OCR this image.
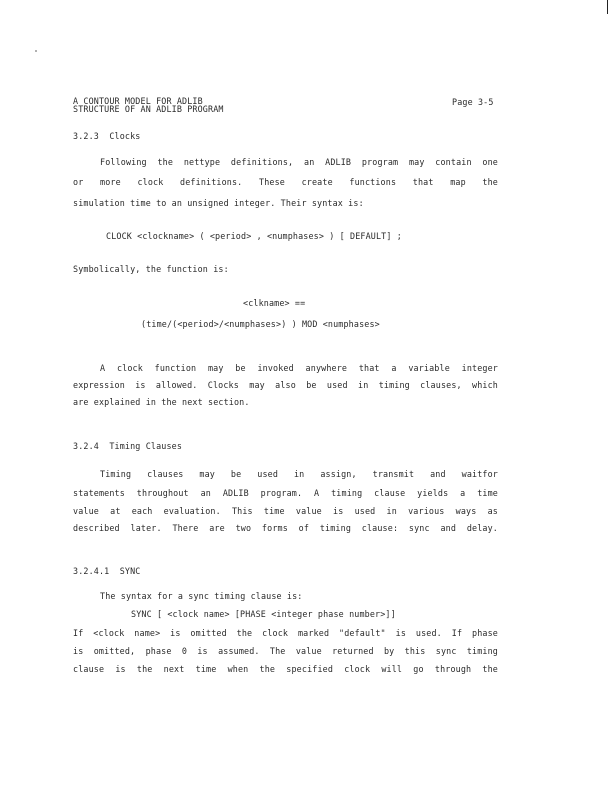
A CONTOUR MODEL FOR ADLIB
STRUCTURE OF AN ADLIB PROGRAM
Page 3-5
3.2.3  Clocks
Following the nettype definitions, an ADLIB program may contain one
or more clock definitions. These create functions that map the
simulation time to an unsigned integer. Their syntax is:
CLOCK <clockname> ( <period> , <numphases> ) [ DEFAULT] ;
Symbolically, the function is:
<clkname> ==
(time/(<period>/<numphases>) ) MOD <numphases>
A clock function may be invoked anywhere that a variable integer
expression is allowed. Clocks may also be used in timing clauses, which
are explained in the next section.
3.2.4  Timing Clauses
Timing clauses may be used in assign, transmit and waitfor
statements throughout an ADLIB program. A timing clause yields a time
value at each evaluation. This time value is used in various ways as
described later. There are two forms of timing clause: sync and delay.
3.2.4.1  SYNC
The syntax for a sync timing clause is:
SYNC [ <clock name> [PHASE <integer phase number>]]
If <clock name> is omitted the clock marked "default" is used. If phase
is omitted, phase 0 is assumed. The value returned by this sync timing
clause is the next time when the specified clock will go through the
